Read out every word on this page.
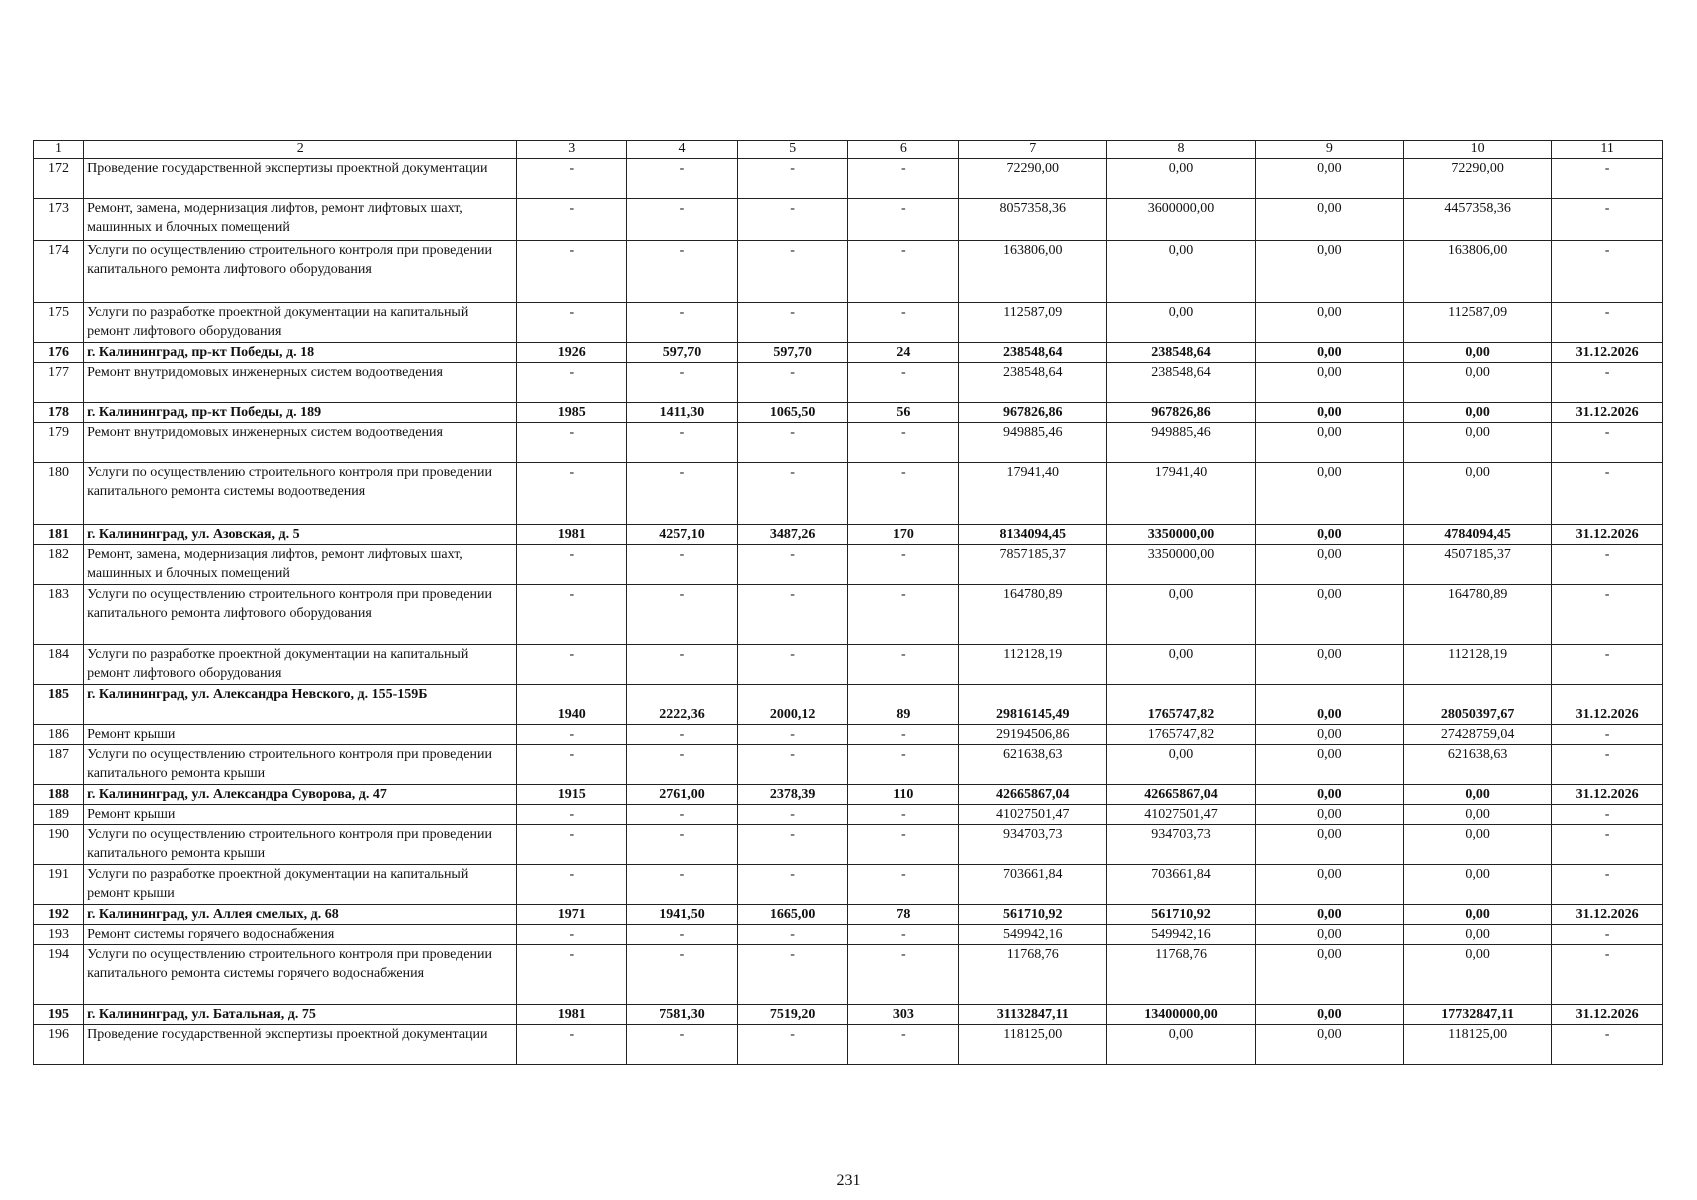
1	2	3	4	5	6	7	8	9	10	11
172	Проведение государственной экспертизы проектной документации	-	-	-	-	72290,00	0,00	0,00	72290,00	-
173	Ремонт, замена, модернизация лифтов, ремонт лифтовых шахт, машинных и блочных помещений	-	-	-	-	8057358,36	3600000,00	0,00	4457358,36	-
174	Услуги по осуществлению строительного контроля при проведении капитального ремонта лифтового оборудования	-	-	-	-	163806,00	0,00	0,00	163806,00	-
175	Услуги по разработке проектной документации на капитальный ремонт лифтового оборудования	-	-	-	-	112587,09	0,00	0,00	112587,09	-
176	г. Калининград, пр-кт Победы, д. 18	1926	597,70	597,70	24	238548,64	238548,64	0,00	0,00	31.12.2026
177	Ремонт внутридомовых инженерных систем водоотведения	-	-	-	-	238548,64	238548,64	0,00	0,00	-
178	г. Калининград, пр-кт Победы, д. 189	1985	1411,30	1065,50	56	967826,86	967826,86	0,00	0,00	31.12.2026
179	Ремонт внутридомовых инженерных систем водоотведения	-	-	-	-	949885,46	949885,46	0,00	0,00	-
180	Услуги по осуществлению строительного контроля при проведении капитального ремонта системы водоотведения	-	-	-	-	17941,40	17941,40	0,00	0,00	-
181	г. Калининград, ул. Азовская, д. 5	1981	4257,10	3487,26	170	8134094,45	3350000,00	0,00	4784094,45	31.12.2026
182	Ремонт, замена, модернизация лифтов, ремонт лифтовых шахт, машинных и блочных помещений	-	-	-	-	7857185,37	3350000,00	0,00	4507185,37	-
183	Услуги по осуществлению строительного контроля при проведении капитального ремонта лифтового оборудования	-	-	-	-	164780,89	0,00	0,00	164780,89	-
184	Услуги по разработке проектной документации на капитальный ремонт лифтового оборудования	-	-	-	-	112128,19	0,00	0,00	112128,19	-
185	г. Калининград, ул. Александра Невского, д. 155-159Б	1940	2222,36	2000,12	89	29816145,49	1765747,82	0,00	28050397,67	31.12.2026
186	Ремонт крыши	-	-	-	-	29194506,86	1765747,82	0,00	27428759,04	-
187	Услуги по осуществлению строительного контроля при проведении капитального ремонта крыши	-	-	-	-	621638,63	0,00	0,00	621638,63	-
188	г. Калининград, ул. Александра Суворова, д. 47	1915	2761,00	2378,39	110	42665867,04	42665867,04	0,00	0,00	31.12.2026
189	Ремонт крыши	-	-	-	-	41027501,47	41027501,47	0,00	0,00	-
190	Услуги по осуществлению строительного контроля при проведении капитального ремонта крыши	-	-	-	-	934703,73	934703,73	0,00	0,00	-
191	Услуги по разработке проектной документации на капитальный ремонт крыши	-	-	-	-	703661,84	703661,84	0,00	0,00	-
192	г. Калининград, ул. Аллея смелых, д. 68	1971	1941,50	1665,00	78	561710,92	561710,92	0,00	0,00	31.12.2026
193	Ремонт системы горячего водоснабжения	-	-	-	-	549942,16	549942,16	0,00	0,00	-
194	Услуги по осуществлению строительного контроля при проведении капитального ремонта системы горячего водоснабжения	-	-	-	-	11768,76	11768,76	0,00	0,00	-
195	г. Калининград, ул. Батальная, д. 75	1981	7581,30	7519,20	303	31132847,11	13400000,00	0,00	17732847,11	31.12.2026
196	Проведение государственной экспертизы проектной документации	-	-	-	-	118125,00	0,00	0,00	118125,00	-
231
